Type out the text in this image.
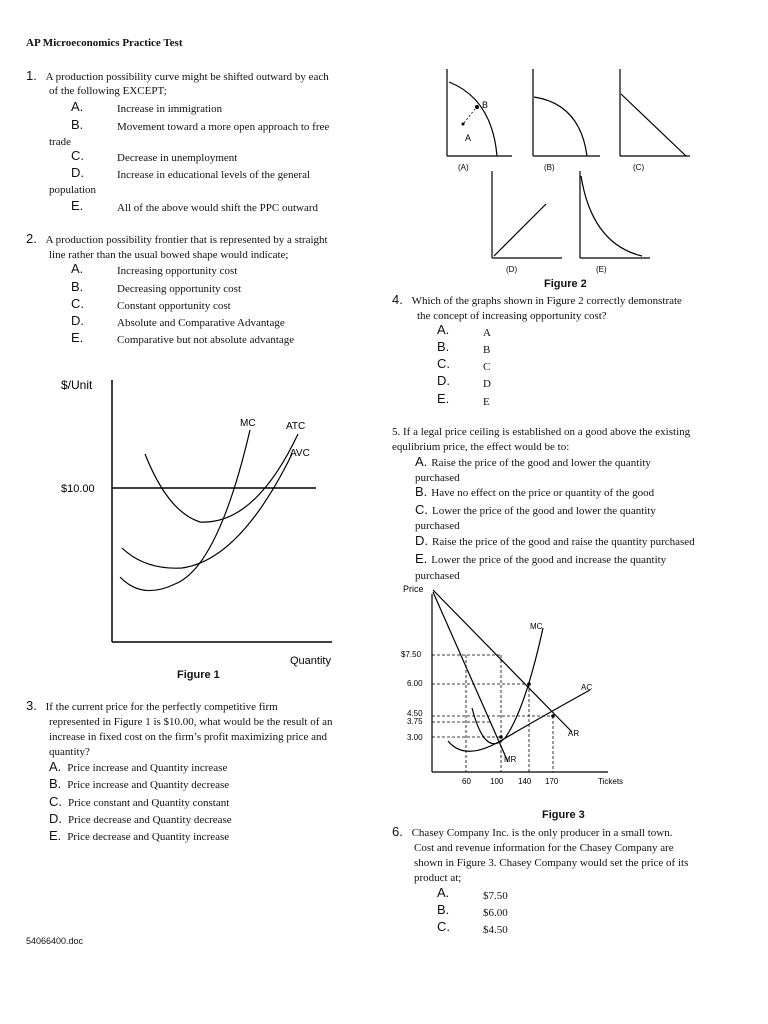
AP Microeconomics Practice Test
1. A production possibility curve might be shifted outward by each
of the following EXCEPT;
A.	Increase in immigration
B.	Movement toward a more open approach to free
trade
C.	Decrease in unemployment
D.	Increase in educational levels of the general
population
E.	All of the above would shift the PPC outward
2. A production possibility frontier that is represented by a straight
line rather than the usual bowed shape would indicate;
A.	Increasing opportunity cost
B.	Decreasing opportunity cost
C.	Constant opportunity cost
D.	Absolute and Comparative Advantage
E.	Comparative but not absolute advantage
$/Unit
$10.00
MC	ATC
AVC
Quantity
Figure 1
3. If the current price for the perfectly competitive firm
represented in Figure 1 is $10.00, what would be the result of an
increase in fixed cost on the firm’s profit maximizing price and
quantity?
A. Price increase and Quantity increase
B. Price increase and Quantity decrease
C. Price constant and Quantity constant
D. Price decrease and Quantity decrease
E. Price decrease and Quantity increase
B
A
(A)	(B)	(C)
(D)	(E)
Figure 2
4. Which of the graphs shown in Figure 2 correctly demonstrate
the concept of increasing opportunity cost?
A.	A
B.	B
C.	C
D.	D
E.	E
5. If a legal price ceiling is established on a good above the existing
equlibrium price, the effect would be to:
A. Raise the price of the good and lower the quantity
purchased
B. Have no effect on the price or quantity of the good
C. Lower the price of the good and lower the quantity
purchased
D. Raise the price of the good and raise the quantity purchased
E. Lower the price of the good and increase the quantity
purchased
Price
$7.50
6.00
4.50
3.75
3.00
60 100 140 170	Tickets
MC
AC
AR
MR
Figure 3
6. Chasey Company Inc. is the only producer in a small town.
Cost and revenue information for the Chasey Company are
shown in Figure 3. Chasey Company would set the price of its
product at;
A.	$7.50
B.	$6.00
C.	$4.50
54066400.doc
